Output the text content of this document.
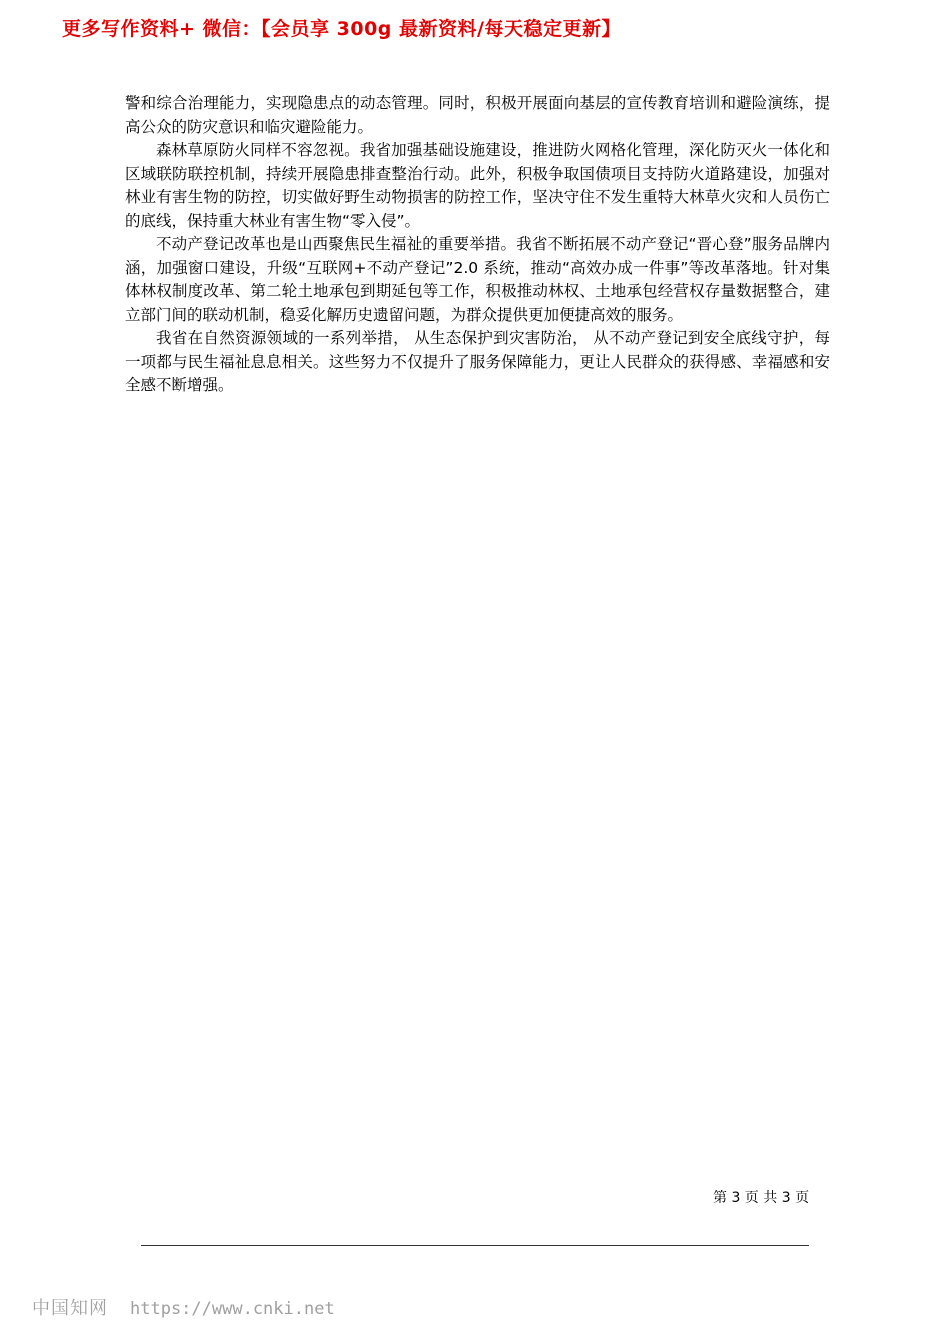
更多写作资料+ 微信：【会员享 300g 最新资料/每天稳定更新】

警和综合治理能力，实现隐患点的动态管理。同时，积极开展面向基层的宣传教育培训和避险演练，提高公众的防灾意识和临灾避险能力。

森林草原防火同样不容忽视。我省加强基础设施建设，推进防火网格化管理，深化防灭火一体化和区域联防联控机制，持续开展隐患排查整治行动。此外，积极争取国债项目支持防火道路建设，加强对林业有害生物的防控，切实做好野生动物损害的防控工作，坚决守住不发生重特大林草火灾和人员伤亡的底线，保持重大林业有害生物“零入侵”。

不动产登记改革也是山西聚焦民生福祉的重要举措。我省不断拓展不动产登记“晋心登”服务品牌内涵，加强窗口建设，升级“互联网+不动产登记”2.0 系统，推动“高效办成一件事”等改革落地。针对集体林权制度改革、第二轮土地承包到期延包等工作，积极推动林权、土地承包经营权存量数据整合，建立部门间的联动机制，稳妥化解历史遗留问题，为群众提供更加便捷高效的服务。

我省在自然资源领域的一系列举措， 从生态保护到灾害防治， 从不动产登记到安全底线守护，每一项都与民生福祉息息相关。这些努力不仅提升了服务保障能力，更让人民群众的获得感、幸福感和安全感不断增强。

第 3 页 共 3 页
中国知网 https://www.cnki.net
